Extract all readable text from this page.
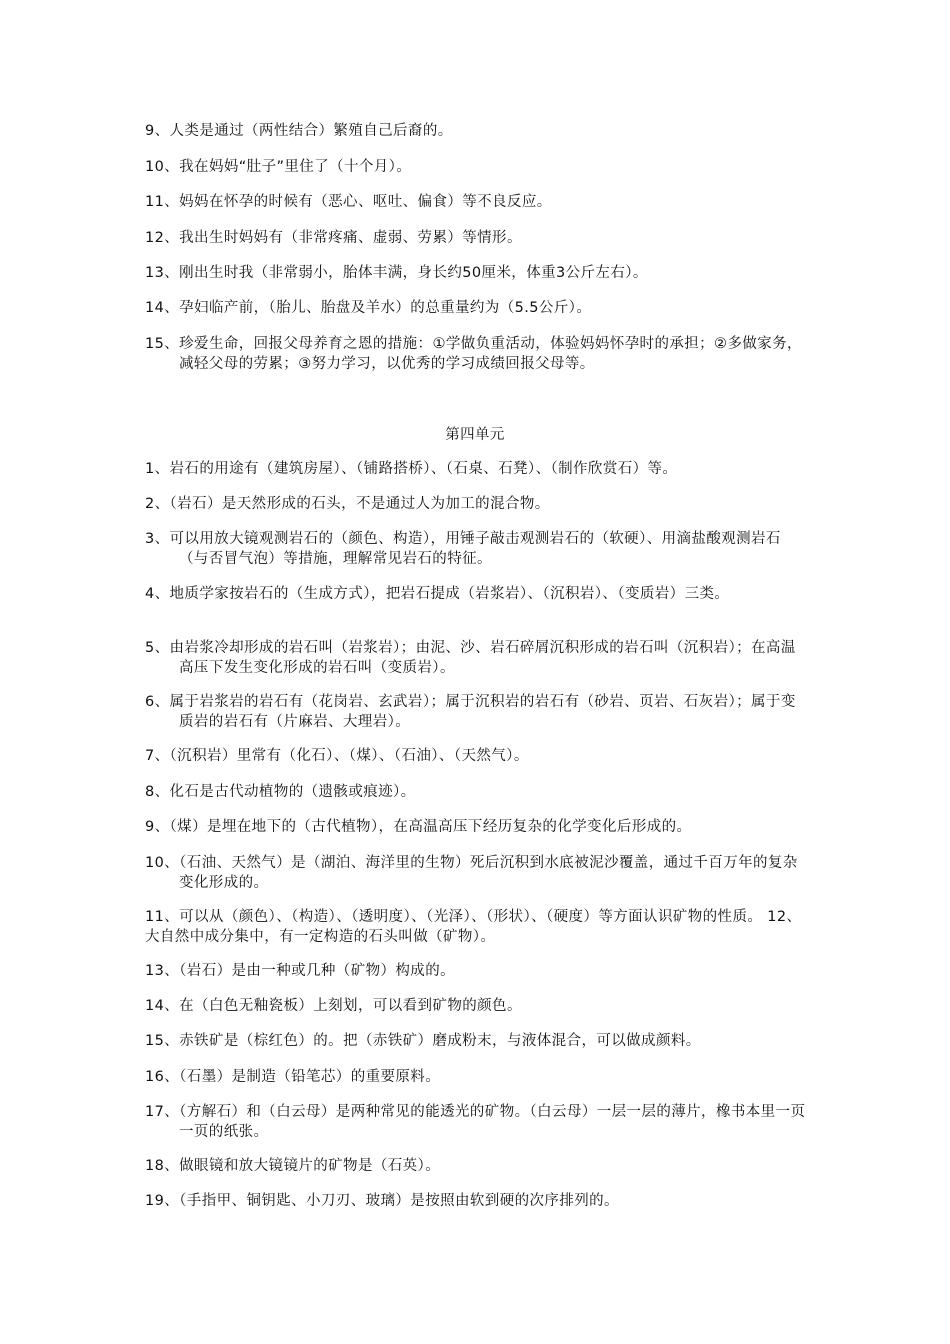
9、人类是通过（两性结合）繁殖自己后裔的。
10、我在妈妈“肚子”里住了（十个月）。
11、妈妈在怀孕的时候有（恶心、呕吐、偏食）等不良反应。
12、我出生时妈妈有（非常疼痛、虚弱、劳累）等情形。
13、刚出生时我（非常弱小，胎体丰满，身长约50厘米，体重3公斤左右）。
14、孕妇临产前，（胎儿、胎盘及羊水）的总重量约为（5.5公斤）。
15、珍爱生命，回报父母养育之恩的措施：①学做负重活动，体验妈妈怀孕时的承担；②多做家务，减轻父母的劳累；③努力学习，以优秀的学习成绩回报父母等。
第四单元
1、岩石的用途有（建筑房屋）、（铺路搭桥）、（石桌、石凳）、（制作欣赏石）等。
2、（岩石）是天然形成的石头，不是通过人为加工的混合物。
3、可以用放大镜观测岩石的（颜色、构造），用锤子敲击观测岩石的（软硬）、用滴盐酸观测岩石（与否冒气泡）等措施，理解常见岩石的特征。
4、地质学家按岩石的（生成方式），把岩石提成（岩浆岩）、（沉积岩）、（变质岩）三类。
5、由岩浆冷却形成的岩石叫（岩浆岩）；由泥、沙、岩石碎屑沉积形成的岩石叫（沉积岩）；在高温高压下发生变化形成的岩石叫（变质岩）。
6、属于岩浆岩的岩石有（花岗岩、玄武岩）；属于沉积岩的岩石有（砂岩、页岩、石灰岩）；属于变质岩的岩石有（片麻岩、大理岩）。
7、（沉积岩）里常有（化石）、（煤）、（石油）、（天然气）。
8、化石是古代动植物的（遗骸或痕迹）。
9、（煤）是埋在地下的（古代植物），在高温高压下经历复杂的化学变化后形成的。
10、（石油、天然气）是（湖泊、海洋里的生物）死后沉积到水底被泥沙覆盖，通过千百万年的复杂变化形成的。
11、可以从（颜色）、（构造）、（透明度）、（光泽）、（形状）、（硬度）等方面认识矿物的性质。 12、大自然中成分集中，有一定构造的石头叫做（矿物）。
13、（岩石）是由一种或几种（矿物）构成的。
14、在（白色无釉瓷板）上刻划，可以看到矿物的颜色。
15、赤铁矿是（棕红色）的。把（赤铁矿）磨成粉末，与液体混合，可以做成颜料。
16、（石墨）是制造（铅笔芯）的重要原料。
17、（方解石）和（白云母）是两种常见的能透光的矿物。（白云母）一层一层的薄片，橡书本里一页一页的纸张。
18、做眼镜和放大镜镜片的矿物是（石英）。
19、（手指甲、铜钥匙、小刀刃、玻璃）是按照由软到硬的次序排列的。
